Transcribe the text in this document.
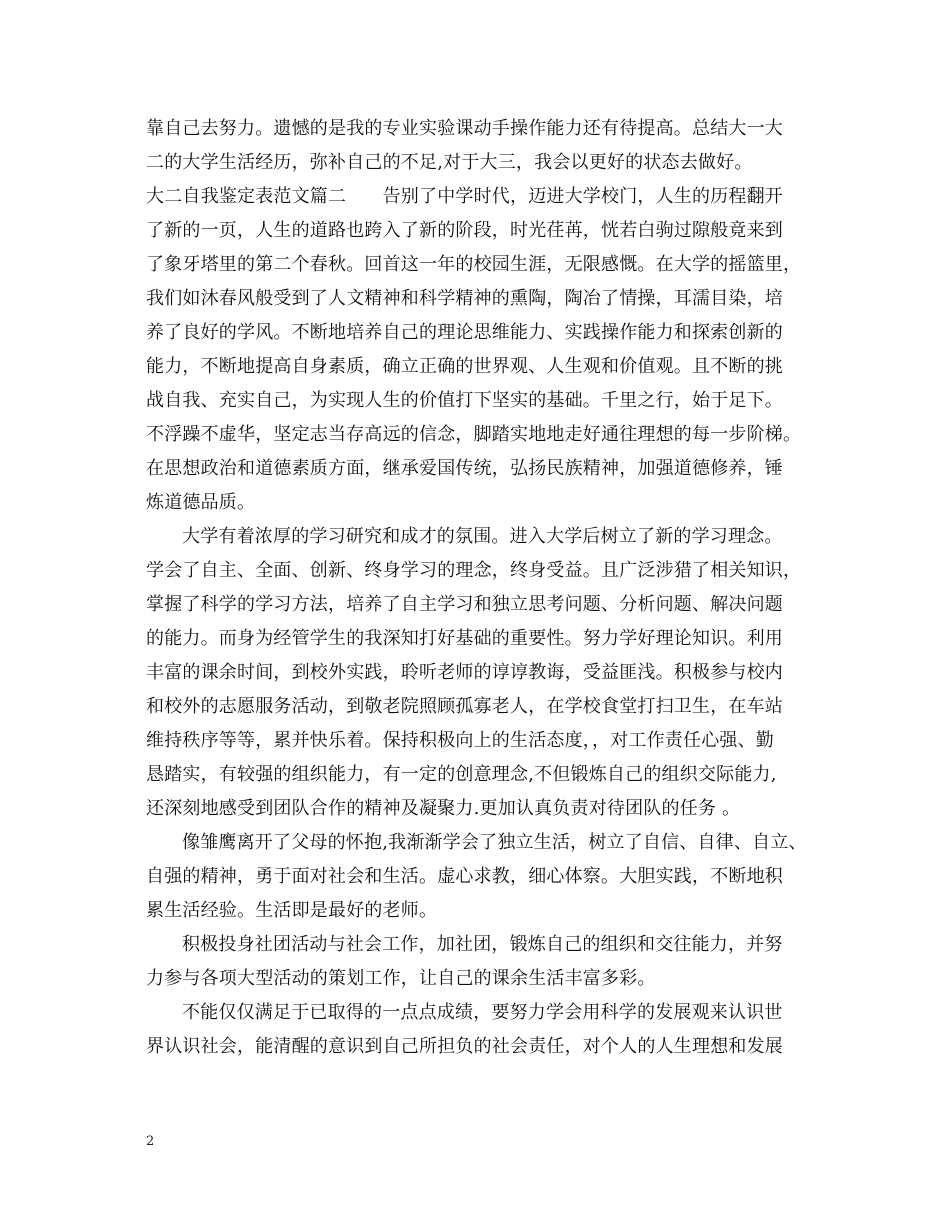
靠自己去努力。遗憾的是我的专业实验课动手操作能力还有待提高。总结大一大
二的大学生活经历，弥补自己的不足,对于大三，我会以更好的状态去做好。
大二自我鉴定表范文篇二　　告别了中学时代，迈进大学校门，人生的历程翻开
了新的一页，人生的道路也跨入了新的阶段，时光荏苒，恍若白驹过隙般竟来到
了象牙塔里的第二个春秋。回首这一年的校园生涯，无限感慨。在大学的摇篮里，
我们如沐春风般受到了人文精神和科学精神的熏陶，陶冶了情操，耳濡目染，培
养了良好的学风。不断地培养自己的理论思维能力、实践操作能力和探索创新的
能力，不断地提高自身素质，确立正确的世界观、人生观和价值观。且不断的挑
战自我、充实自己，为实现人生的价值打下坚实的基础。千里之行，始于足下。
不浮躁不虚华，坚定志当存高远的信念，脚踏实地地走好通往理想的每一步阶梯。
在思想政治和道德素质方面，继承爱国传统，弘扬民族精神，加强道德修养，锤
炼道德品质。
大学有着浓厚的学习研究和成才的氛围。进入大学后树立了新的学习理念。
学会了自主、全面、创新、终身学习的理念，终身受益。且广泛涉猎了相关知识，
掌握了科学的学习方法，培养了自主学习和独立思考问题、分析问题、解决问题
的能力。而身为经管学生的我深知打好基础的重要性。努力学好理论知识。利用
丰富的课余时间，到校外实践，聆听老师的谆谆教诲，受益匪浅。积极参与校内
和校外的志愿服务活动，到敬老院照顾孤寡老人，在学校食堂打扫卫生，在车站
维持秩序等等，累并快乐着。保持积极向上的生活态度，，对工作责任心强、勤
恳踏实，有较强的组织能力，有一定的创意理念,不但锻炼自己的组织交际能力,
还深刻地感受到团队合作的精神及凝聚力.更加认真负责对待团队的任务 。
像雏鹰离开了父母的怀抱,我渐渐学会了独立生活，树立了自信、自律、自立、
自强的精神，勇于面对社会和生活。虚心求教，细心体察。大胆实践，不断地积
累生活经验。生活即是最好的老师。
积极投身社团活动与社会工作，加社团，锻炼自己的组织和交往能力，并努
力参与各项大型活动的策划工作，让自己的课余生活丰富多彩。
不能仅仅满足于已取得的一点点成绩，要努力学会用科学的发展观来认识世
界认识社会，能清醒的意识到自己所担负的社会责任，对个人的人生理想和发展
2
